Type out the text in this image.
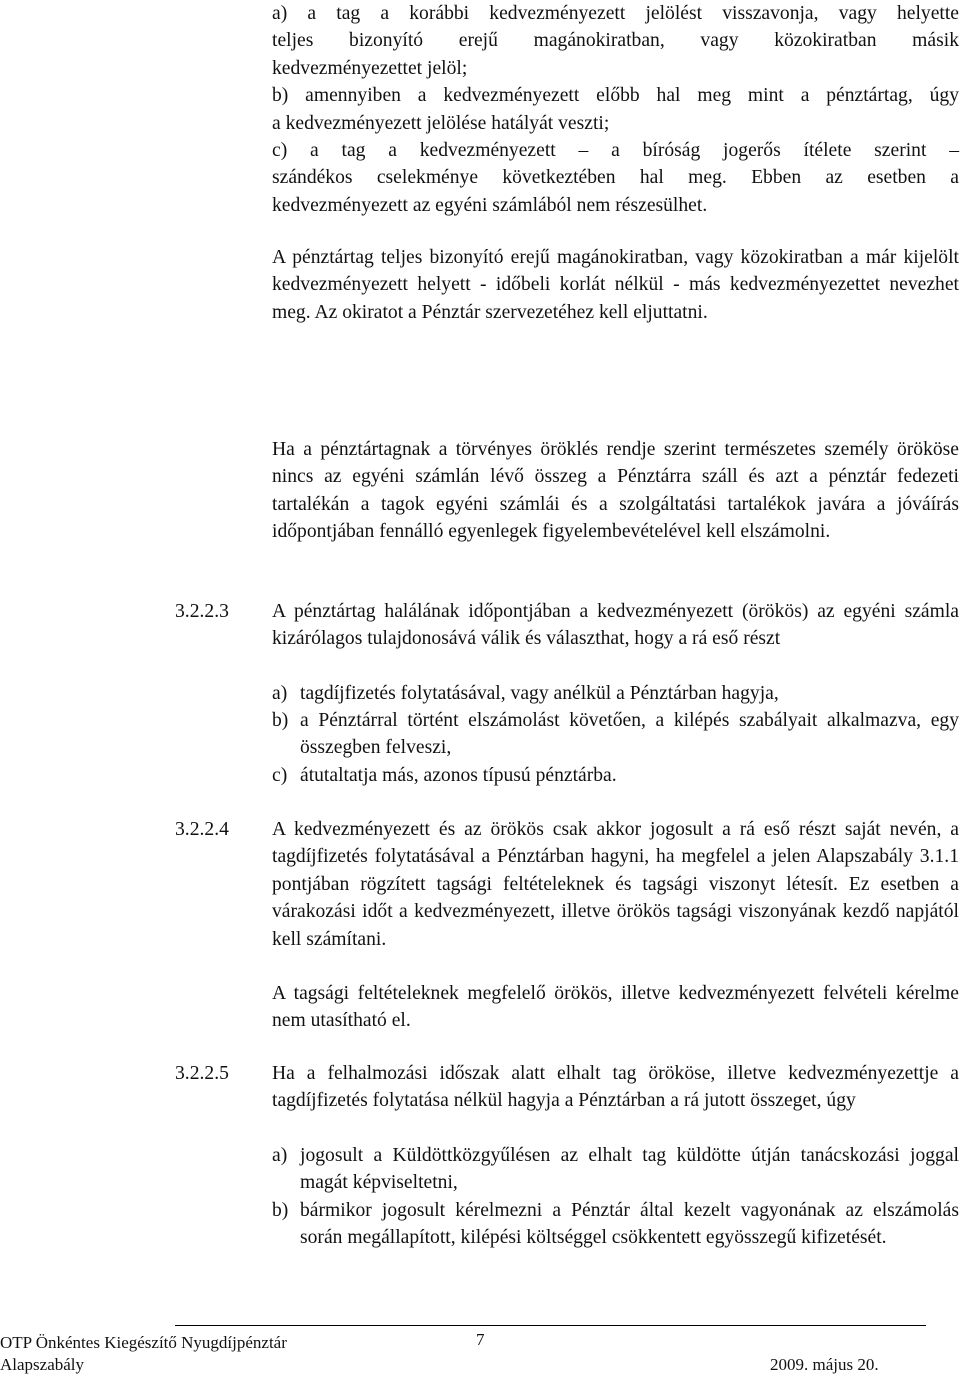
a) a tag a korábbi kedvezményezett jelölést visszavonja, vagy helyette
teljes bizonyító erejű magánokiratban, vagy közokiratban másik
kedvezményezettet jelöl;
b) amennyiben a kedvezményezett előbb hal meg mint a pénztártag, úgy
a kedvezményezett jelölése hatályát veszti;
c) a tag a kedvezményezett – a bíróság jogerős ítélete szerint –
szándékos cselekménye következtében hal meg. Ebben az esetben a
kedvezményezett az egyéni számlából nem részesülhet.

A pénztártag teljes bizonyító erejű magánokiratban, vagy közokiratban a már kijelölt kedvezményezett helyett - időbeli korlát nélkül - más kedvezményezettet nevezhet meg. Az okiratot a Pénztár szervezetéhez kell eljuttatni.

Ha a pénztártagnak a törvényes öröklés rendje szerint természetes személy örököse nincs az egyéni számlán lévő összeg a Pénztárra száll és azt a pénztár fedezeti tartalékán a tagok egyéni számlái és a szolgáltatási tartalékok javára a jóváírás időpontjában fennálló egyenlegek figyelembevételével kell elszámolni.

3.2.2.3 A pénztártag halálának időpontjában a kedvezményezett (örökös) az egyéni számla kizárólagos tulajdonosává válik és választhat, hogy a rá eső részt

a) tagdíjfizetés folytatásával, vagy anélkül a Pénztárban hagyja,
b) a Pénztárral történt elszámolást követően, a kilépés szabályait alkalmazva, egy összegben felveszi,
c) átutaltatja más, azonos típusú pénztárba.
3.2.2.4 A kedvezményezett és az örökös csak akkor jogosult a rá eső részt saját nevén, a tagdíjfizetés folytatásával a Pénztárban hagyni, ha megfelel a jelen Alapszabály 3.1.1 pontjában rögzített tagsági feltételeknek és tagsági viszonyt létesít. Ez esetben a várakozási időt a kedvezményezett, illetve örökös tagsági viszonyának kezdő napjától kell számítani.

A tagsági feltételeknek megfelelő örökös, illetve kedvezményezett felvételi kérelme nem utasítható el.

3.2.2.5 Ha a felhalmozási időszak alatt elhalt tag örököse, illetve kedvezményezettje a tagdíjfizetés folytatása nélkül hagyja a Pénztárban a rá jutott összeget, úgy

a) jogosult a Küldöttközgyűlésen az elhalt tag küldötte útján tanácskozási joggal magát képviseltetni,
b) bármikor jogosult kérelmezni a Pénztár által kezelt vagyonának az elszámolás során megállapított, kilépési költséggel csökkentett egyösszegű kifizetését.
OTP Önkéntes Kiegészítő Nyugdíjpénztár	7
Alapszabály	2009. május 20.
